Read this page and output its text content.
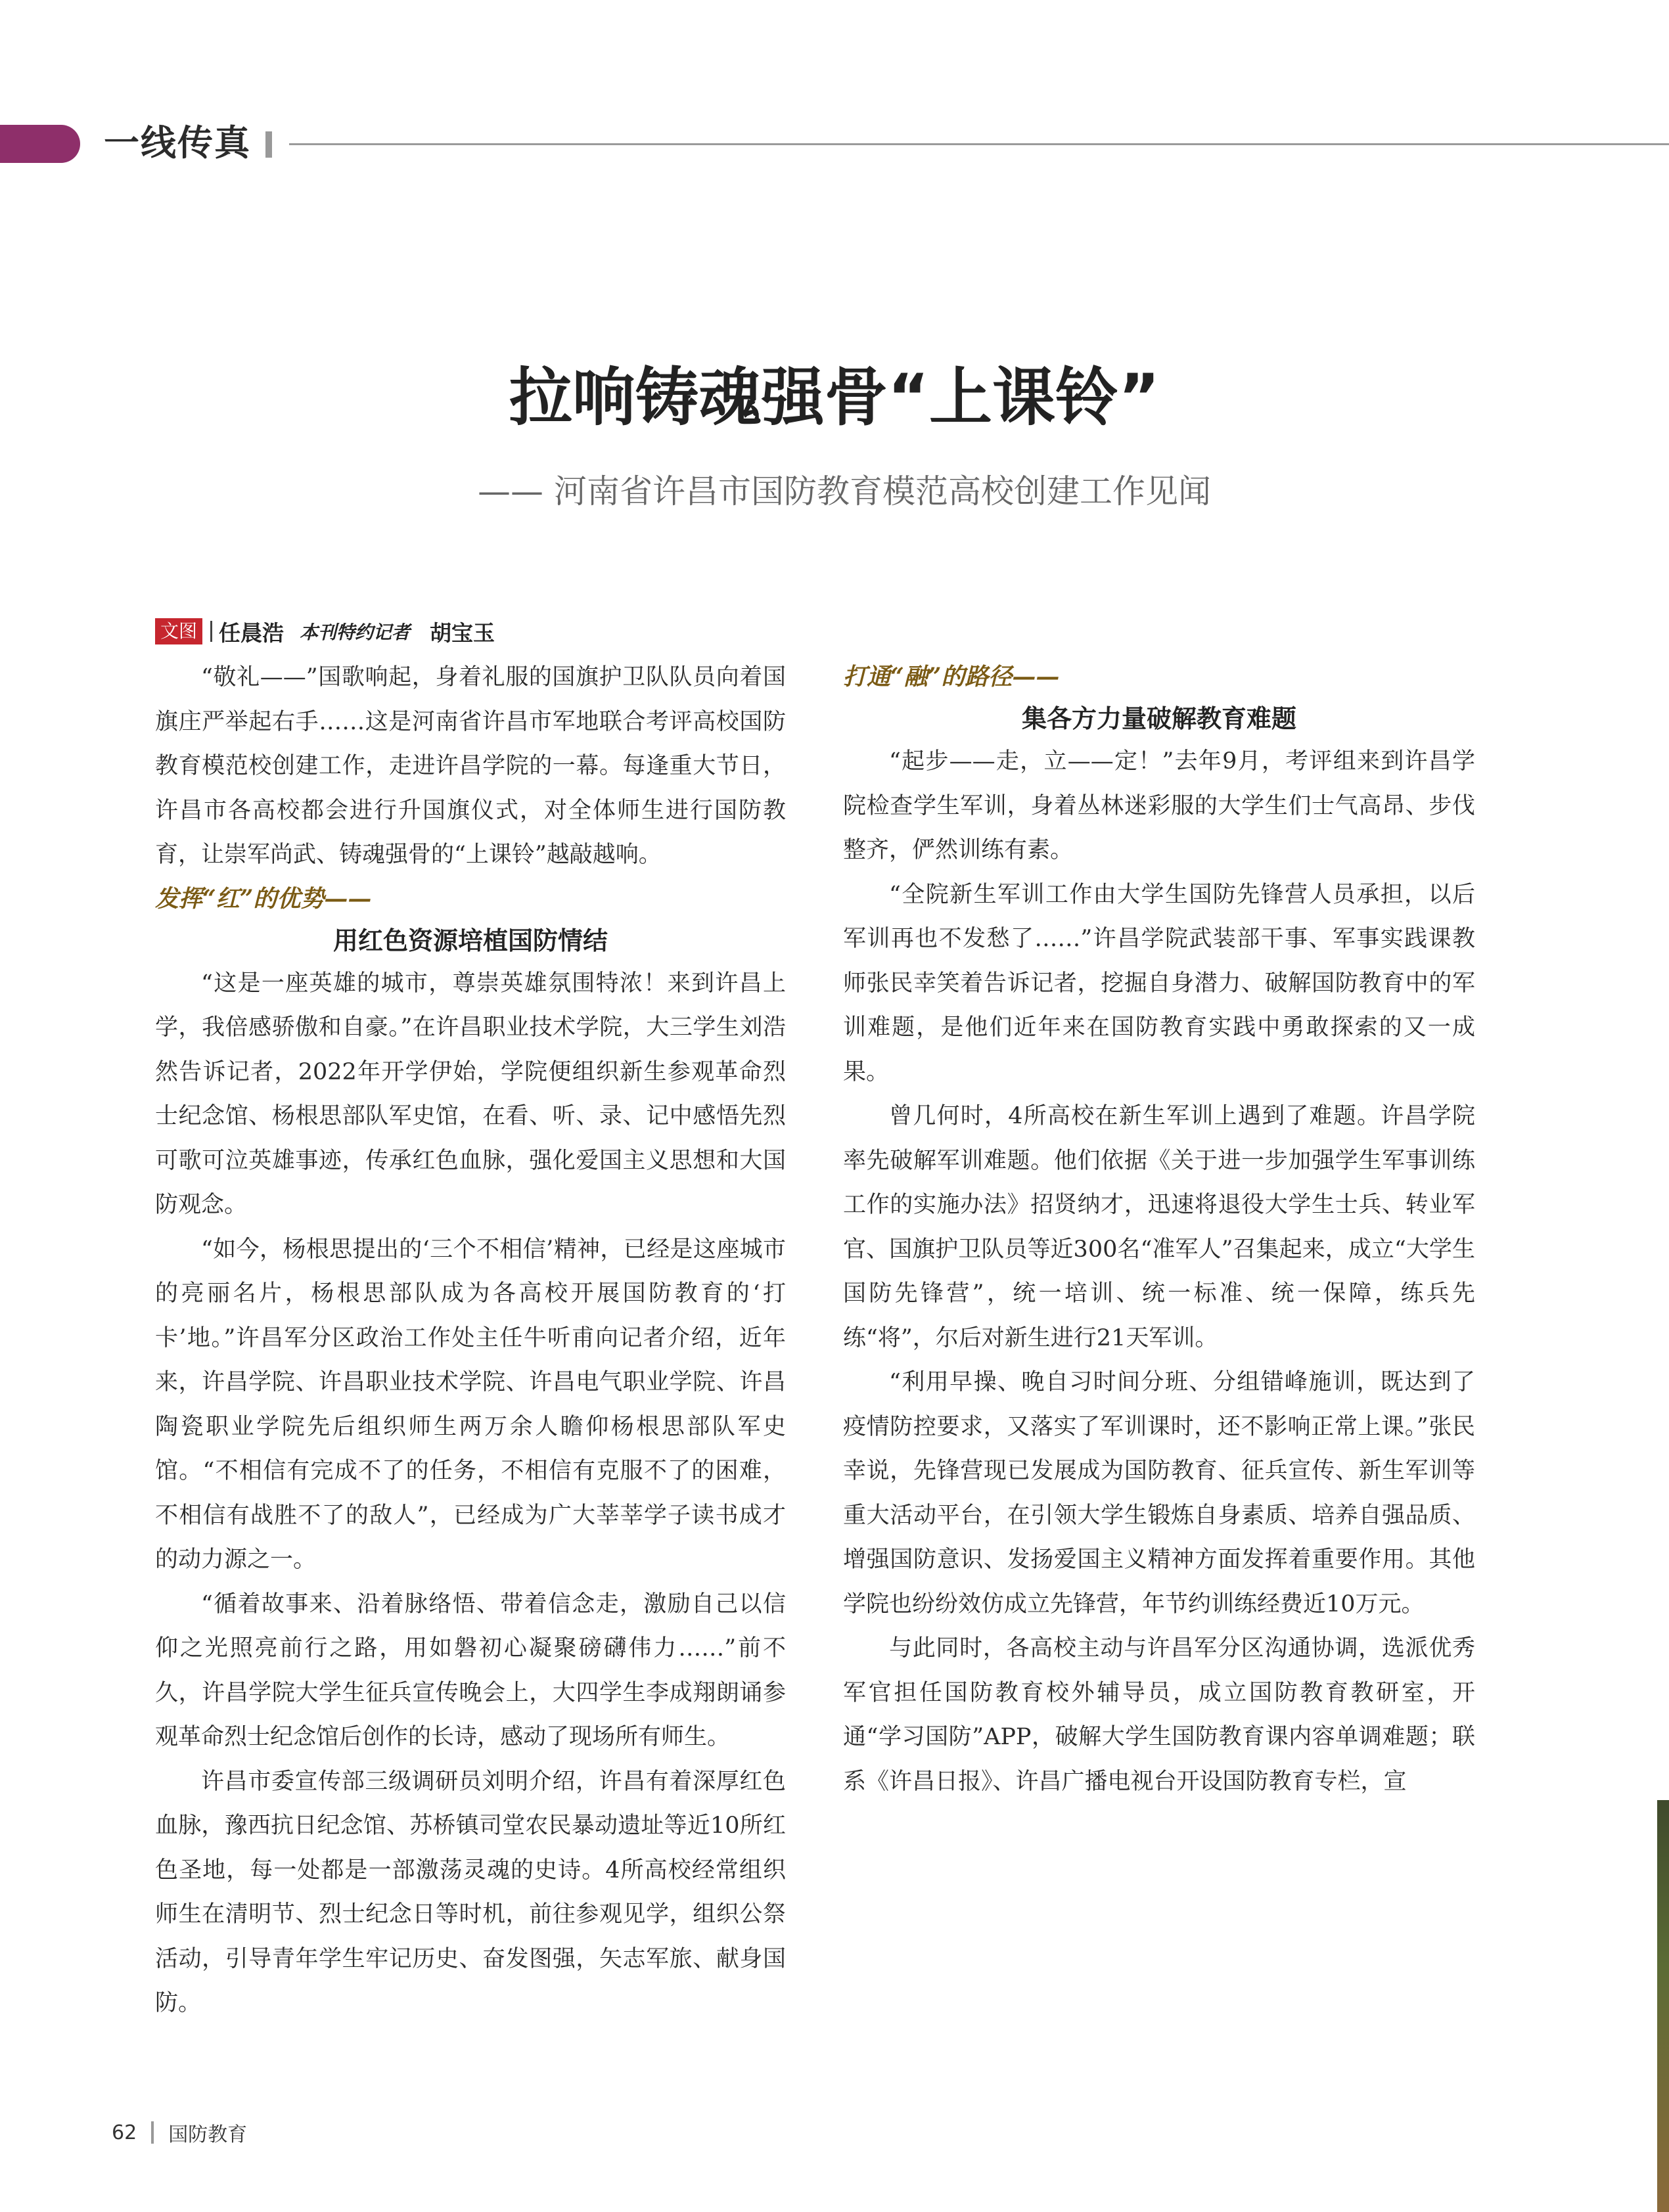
一线传真
拉响铸魂强骨“上课铃”
—— 河南省许昌市国防教育模范高校创建工作见闻
文图 任晨浩 本刊特约记者 胡宝玉

“敬礼——”国歌响起，身着礼服的国旗护卫队队员向着国旗庄严举起右手……这是河南省许昌市军地联合考评高校国防教育模范校创建工作，走进许昌学院的一幕。每逢重大节日，许昌市各高校都会进行升国旗仪式，对全体师生进行国防教育，让崇军尚武、铸魂强骨的“上课铃”越敲越响。

发挥“红”的优势——

用红色资源培植国防情结

“这是一座英雄的城市，尊崇英雄氛围特浓！来到许昌上学，我倍感骄傲和自豪。”在许昌职业技术学院，大三学生刘浩然告诉记者，2022年开学伊始，学院便组织新生参观革命烈士纪念馆、杨根思部队军史馆，在看、听、录、记中感悟先烈可歌可泣英雄事迹，传承红色血脉，强化爱国主义思想和大国防观念。

“如今，杨根思提出的‘三个不相信’精神，已经是这座城市的亮丽名片，杨根思部队成为各高校开展国防教育的‘打卡’地。”许昌军分区政治工作处主任牛听甫向记者介绍，近年来，许昌学院、许昌职业技术学院、许昌电气职业学院、许昌陶瓷职业学院先后组织师生两万余人瞻仰杨根思部队军史馆。“不相信有完成不了的任务，不相信有克服不了的困难，不相信有战胜不了的敌人”，已经成为广大莘莘学子读书成才的动力源之一。

“循着故事来、沿着脉络悟、带着信念走，激励自己以信仰之光照亮前行之路，用如磐初心凝聚磅礴伟力……”前不久，许昌学院大学生征兵宣传晚会上，大四学生李成翔朗诵参观革命烈士纪念馆后创作的长诗，感动了现场所有师生。

许昌市委宣传部三级调研员刘明介绍，许昌有着深厚红色血脉，豫西抗日纪念馆、苏桥镇司堂农民暴动遗址等近10所红色圣地，每一处都是一部激荡灵魂的史诗。4所高校经常组织师生在清明节、烈士纪念日等时机，前往参观见学，组织公祭活动，引导青年学生牢记历史、奋发图强，矢志军旅、献身国防。

打通“融”的路径——

集各方力量破解教育难题

“起步——走，立——定！”去年9月，考评组来到许昌学院检查学生军训，身着丛林迷彩服的大学生们士气高昂、步伐整齐，俨然训练有素。

“全院新生军训工作由大学生国防先锋营人员承担，以后军训再也不发愁了……”许昌学院武装部干事、军事实践课教师张民幸笑着告诉记者，挖掘自身潜力、破解国防教育中的军训难题，是他们近年来在国防教育实践中勇敢探索的又一成果。

曾几何时，4所高校在新生军训上遇到了难题。许昌学院率先破解军训难题。他们依据《关于进一步加强学生军事训练工作的实施办法》招贤纳才，迅速将退役大学生士兵、转业军官、国旗护卫队员等近300名“准军人”召集起来，成立“大学生国防先锋营”，统一培训、统一标准、统一保障，练兵先练“将”，尔后对新生进行21天军训。

“利用早操、晚自习时间分班、分组错峰施训，既达到了疫情防控要求，又落实了军训课时，还不影响正常上课。”张民幸说，先锋营现已发展成为国防教育、征兵宣传、新生军训等重大活动平台，在引领大学生锻炼自身素质、培养自强品质、增强国防意识、发扬爱国主义精神方面发挥着重要作用。其他学院也纷纷效仿成立先锋营，年节约训练经费近10万元。

与此同时，各高校主动与许昌军分区沟通协调，选派优秀军官担任国防教育校外辅导员，成立国防教育教研室，开通“学习国防”APP，破解大学生国防教育课内容单调难题；联系《许昌日报》、许昌广播电视台开设国防教育专栏，宣

62 国防教育
